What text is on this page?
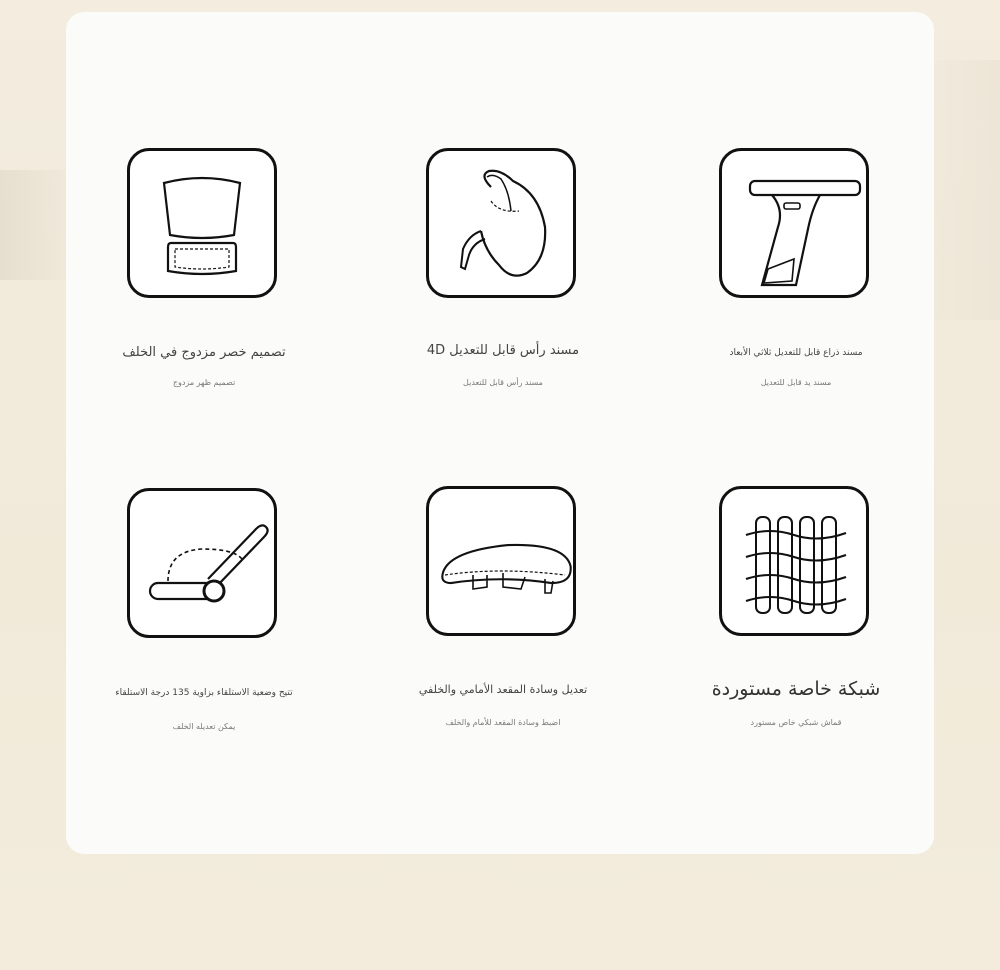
تصميم خصر مزدوج في الخلف
تصميم ظهر مزدوج
مسند رأس قابل للتعديل 4D
مسند رأس قابل للتعديل
مسند ذراع قابل للتعديل ثلاثي الأبعاد
مسند يد قابل للتعديل
تتيح وضعية الاستلقاء بزاوية 135 درجة الاستلقاء
يمكن تعديله الخلف
تعديل وسادة المقعد الأمامي والخلفي
اضبط وسادة المقعد للأمام والخلف
شبكة خاصة مستوردة
قماش شبكي خاص مستورد
